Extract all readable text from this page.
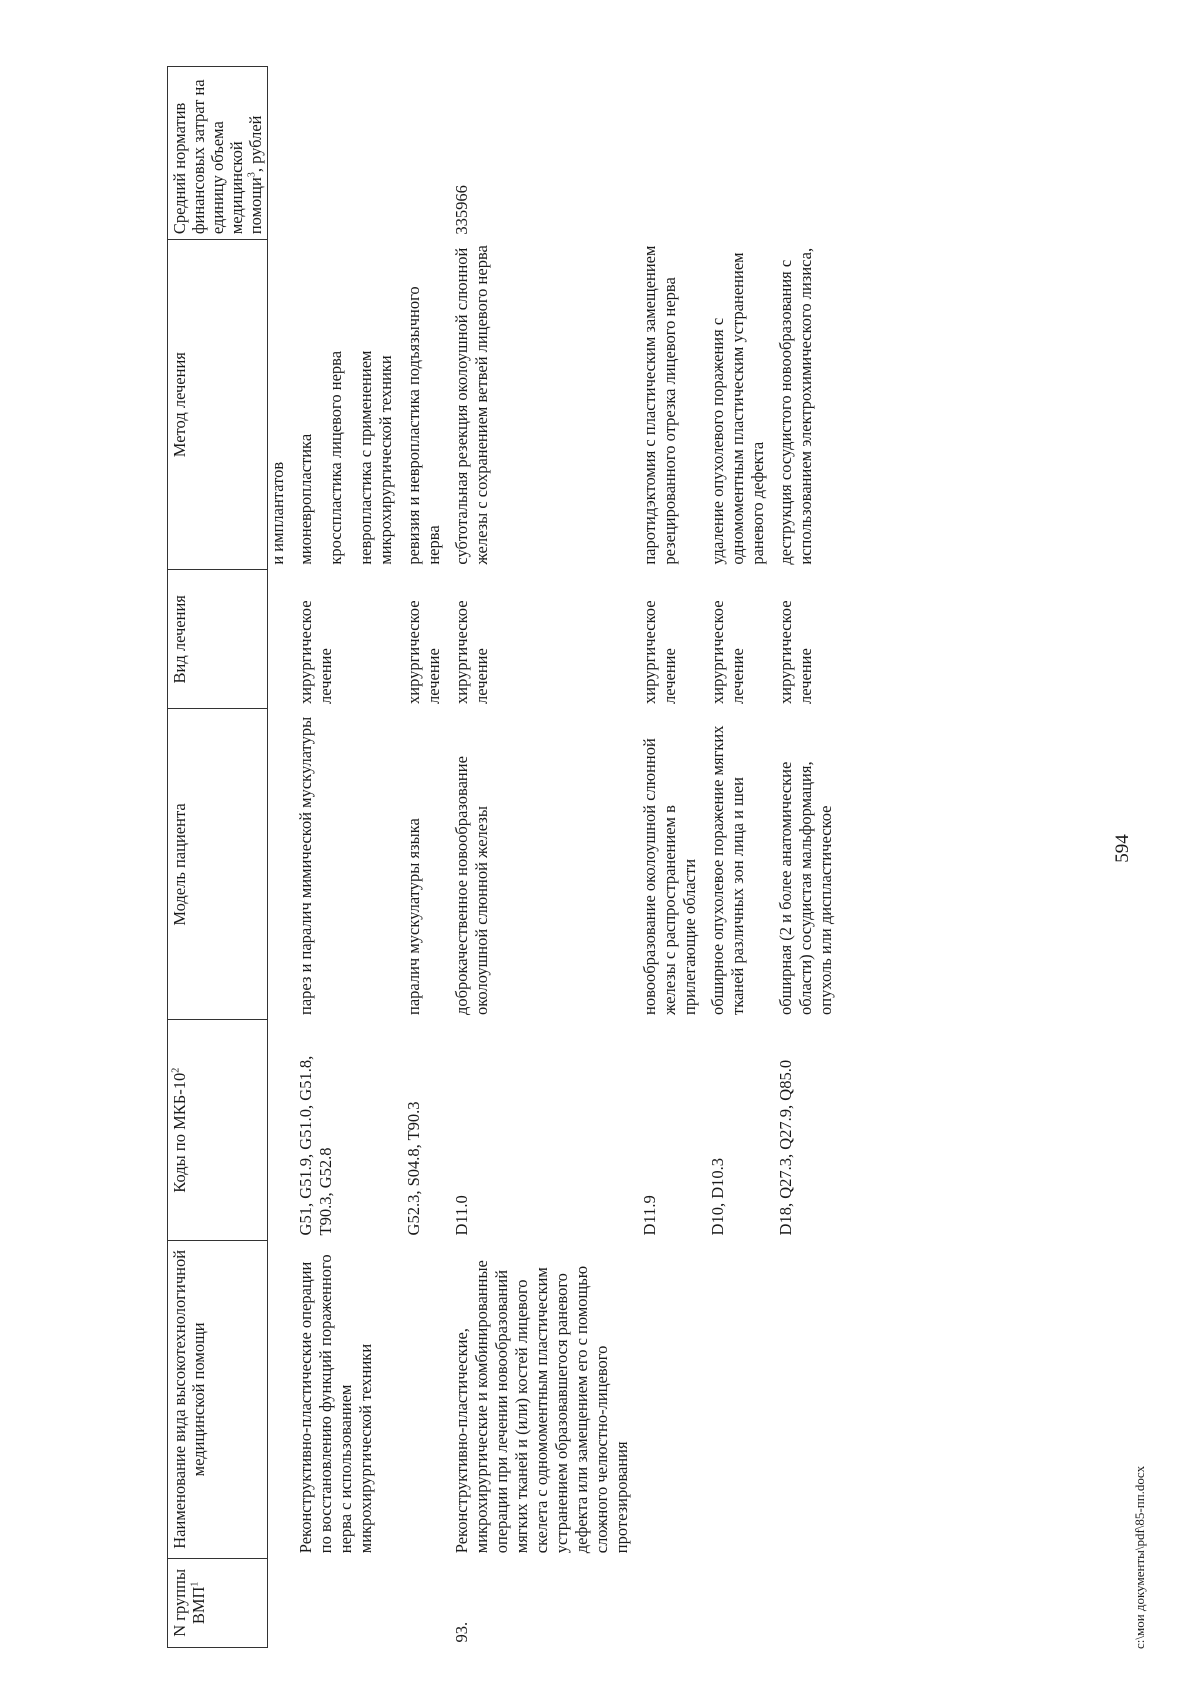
594
N группы ВМП$^1$	Наименование вида высокотехнологичной медицинской помощи	Коды по МКБ-$10^2$	Модель пациента	Вид лечения	Метод лечения	Средний норматив финансовых затрат на единицу объема медицинской помощи$^3$, рублей

					и имплантатов	

	Реконструктивно-пластические операции по восстановлению функций пораженного нерва с использованием микрохирургической техники	G51, G51.9, G51.0, G51.8, T90.3, G52.8	парез и паралич мимической мускулатуры	хирургическое лечение	мионевропластика кросспластика лицевого нерва невропластика с применением микрохирургической техники	

		G52.3, S04.8, T90.3	паралич мускулатуры языка	хирургическое лечение	ревизия и невропластика подъязычного нерва	

93.	Реконструктивно-пластические, микрохирургические и комбинированные операции при лечении новообразований мягких тканей и (или) костей лицевого скелета с одномоментным пластическим устранением образовавшегося раневого дефекта или замещением его с помощью сложного челюстно-лицевого протезирования	D11.0	доброкачественное новообразование околоушной слюнной железы	хирургическое лечение	субтотальная резекция околоушной слюнной железы с сохранением ветвей лицевого нерва	335966

		D11.9	новообразование околоушной слюнной железы с распространением в прилегающие области	хирургическое лечение	паротидэктомия с пластическим замещением резецированного отрезка лицевого нерва	

		D10, D10.3	обширное опухолевое поражение мягких тканей различных зон лица и шеи	хирургическое лечение	удаление опухолевого поражения с одномоментным пластическим устранением раневого дефекта	

		D18, Q27.3, Q27.9, Q85.0	обширная (2 и более анатомические области) сосудистая мальформация, опухоль или диспластическое	хирургическое лечение	деструкция сосудистого новообразования с использованием электрохимического лизиса,	

c:\мои документы\pdf\85-пп.docx
